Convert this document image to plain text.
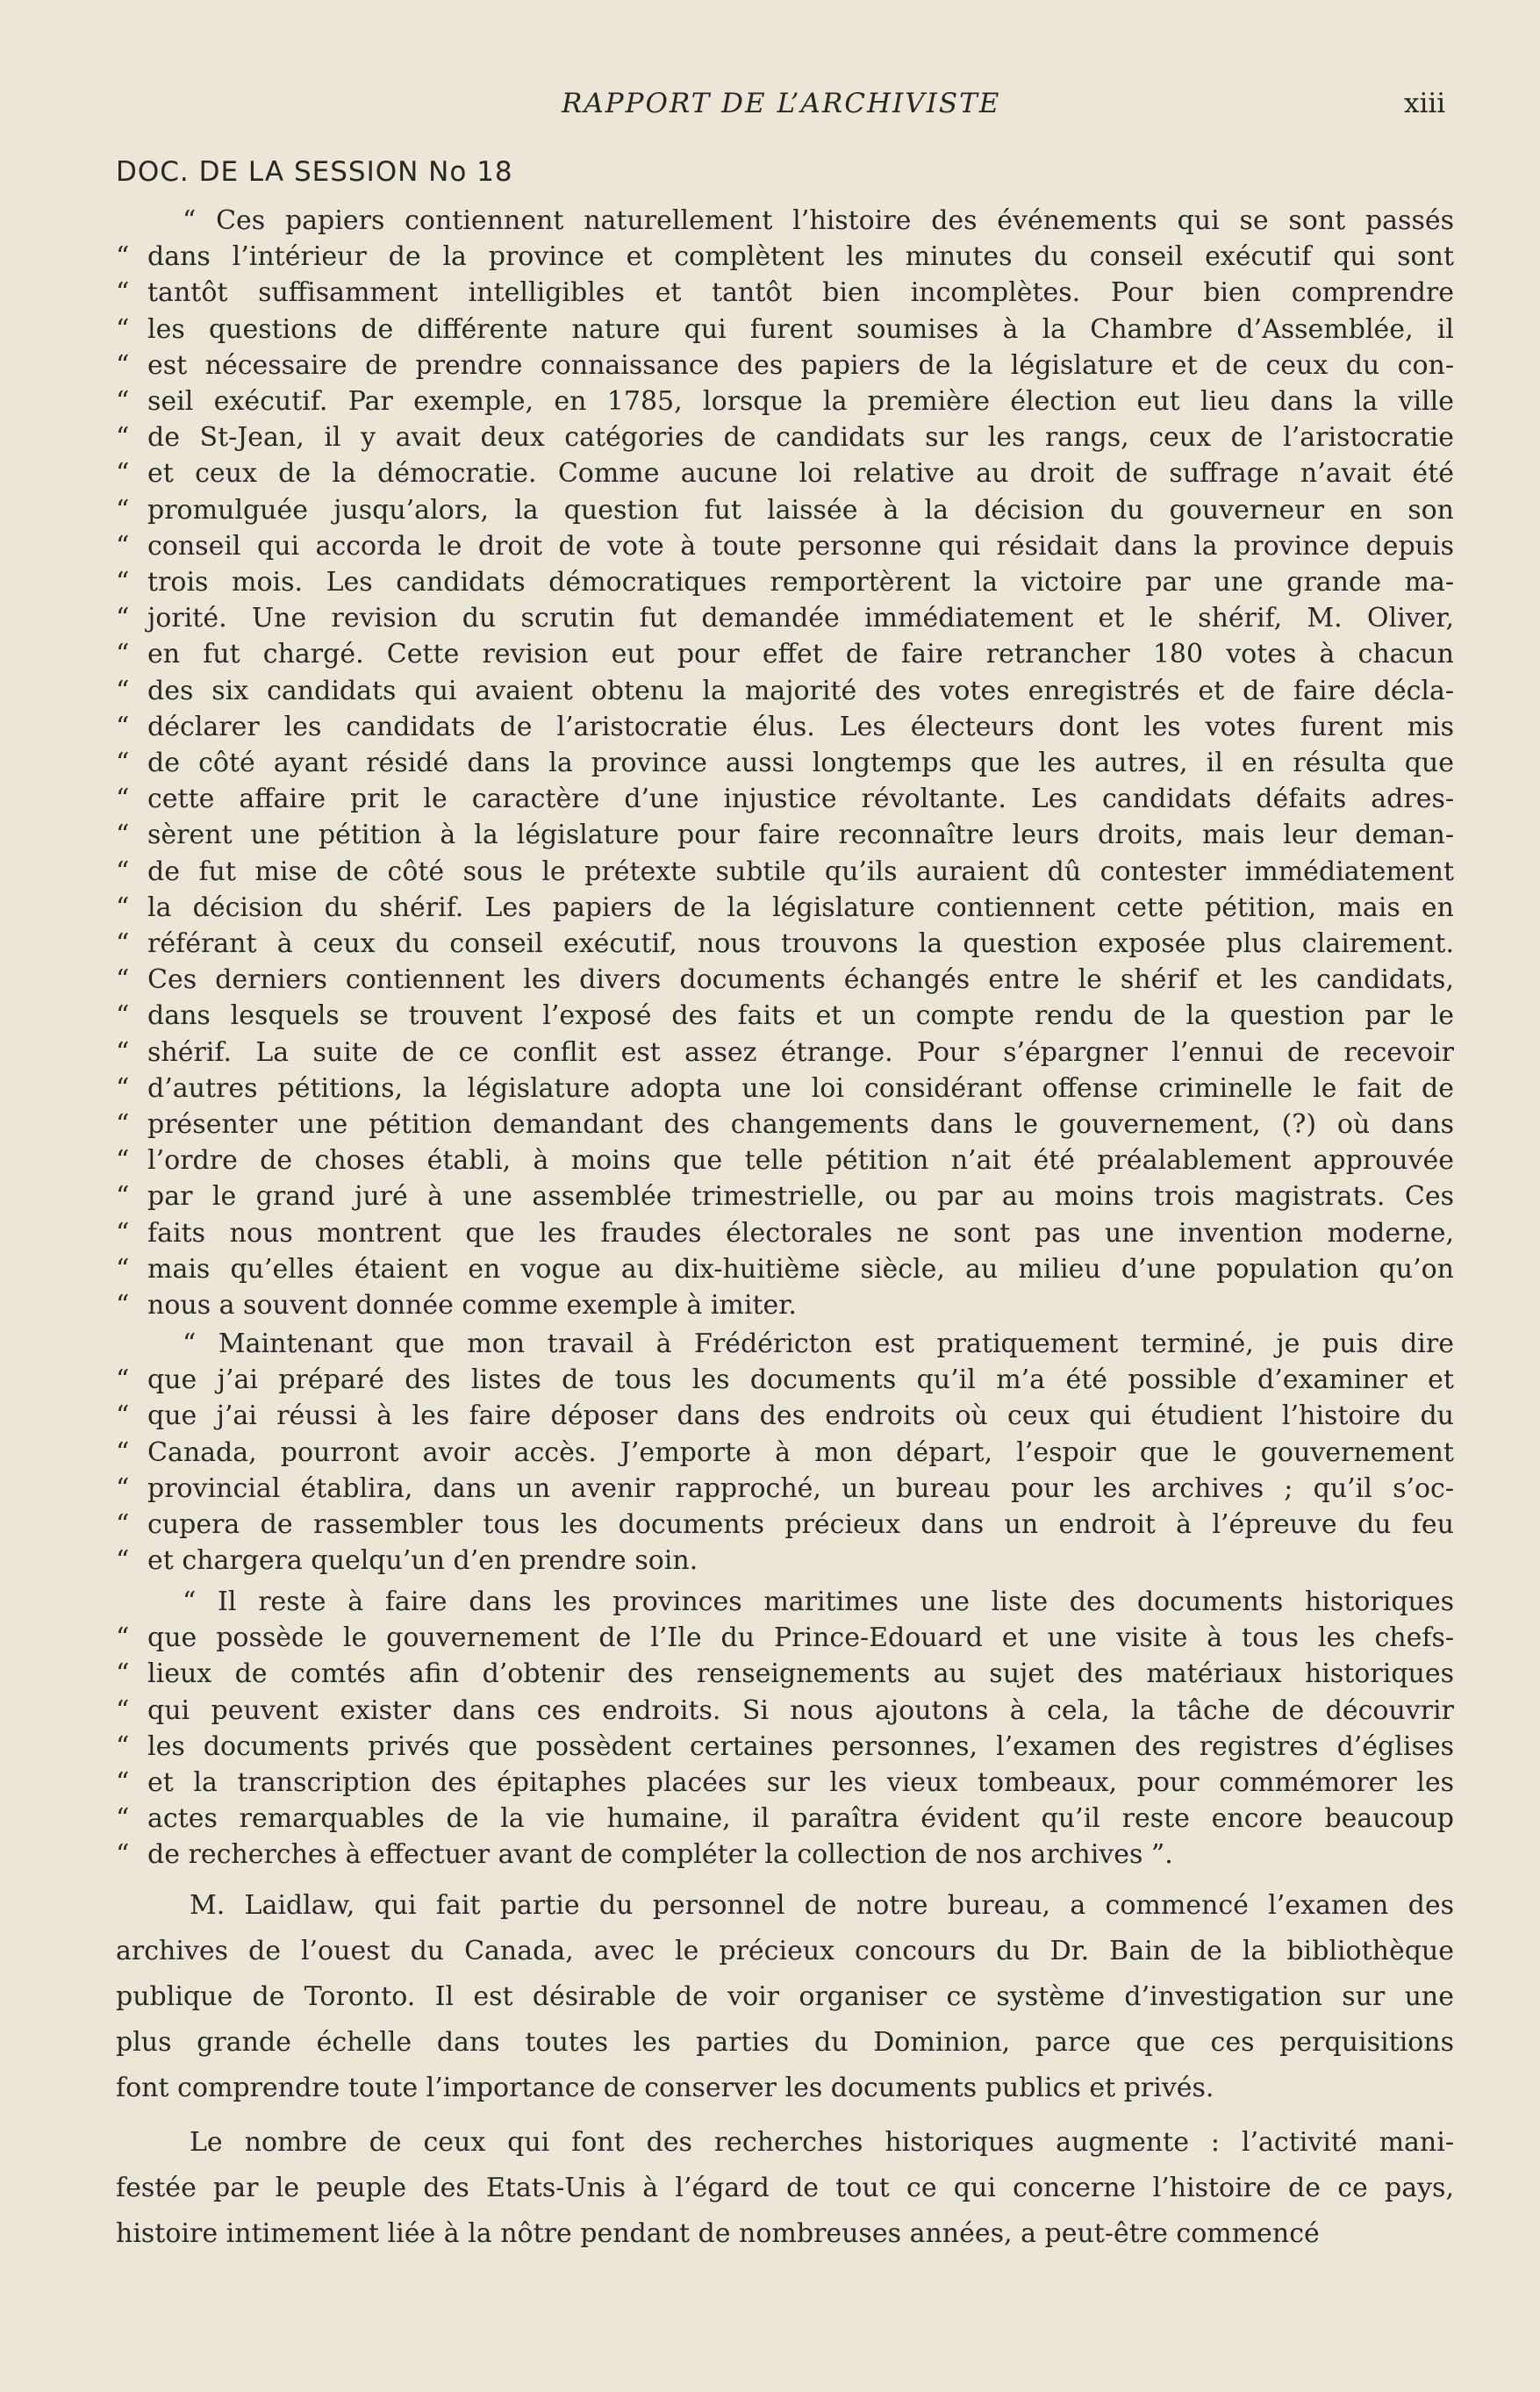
RAPPORT DE L’ARCHIVISTE	xiii
DOC. DE LA SESSION No 18
“ Ces papiers contiennent naturellement l’histoire des événements qui se sont passés
“ dans l’intérieur de la province et complètent les minutes du conseil exécutif qui sont
“ tantôt suffisamment intelligibles et tantôt bien incomplètes. Pour bien comprendre
“ les questions de différente nature qui furent soumises à la Chambre d’Assemblée, il
“ est nécessaire de prendre connaissance des papiers de la législature et de ceux du con-
“ seil exécutif. Par exemple, en 1785, lorsque la première élection eut lieu dans la ville
“ de St-Jean, il y avait deux catégories de candidats sur les rangs, ceux de l’aristocratie
“ et ceux de la démocratie. Comme aucune loi relative au droit de suffrage n’avait été
“ promulguée jusqu’alors, la question fut laissée à la décision du gouverneur en son
“ conseil qui accorda le droit de vote à toute personne qui résidait dans la province depuis
“ trois mois. Les candidats démocratiques remportèrent la victoire par une grande ma-
“ jorité. Une revision du scrutin fut demandée immédiatement et le shérif, M. Oliver,
“ en fut chargé. Cette revision eut pour effet de faire retrancher 180 votes à chacun
“ des six candidats qui avaient obtenu la majorité des votes enregistrés et de faire décla-
“ déclarer les candidats de l’aristocratie élus. Les électeurs dont les votes furent mis
“ de côté ayant résidé dans la province aussi longtemps que les autres, il en résulta que
“ cette affaire prit le caractère d’une injustice révoltante. Les candidats défaits adres-
“ sèrent une pétition à la législature pour faire reconnaître leurs droits, mais leur deman-
“ de fut mise de côté sous le prétexte subtile qu’ils auraient dû contester immédiatement
“ la décision du shérif. Les papiers de la législature contiennent cette pétition, mais en
“ référant à ceux du conseil exécutif, nous trouvons la question exposée plus clairement.
“ Ces derniers contiennent les divers documents échangés entre le shérif et les candidats,
“ dans lesquels se trouvent l’exposé des faits et un compte rendu de la question par le
“ shérif. La suite de ce conflit est assez étrange. Pour s’épargner l’ennui de recevoir
“ d’autres pétitions, la législature adopta une loi considérant offense criminelle le fait de
“ présenter une pétition demandant des changements dans le gouvernement, (?) où dans
“ l’ordre de choses établi, à moins que telle pétition n’ait été préalablement approuvée
“ par le grand juré à une assemblée trimestrielle, ou par au moins trois magistrats. Ces
“ faits nous montrent que les fraudes électorales ne sont pas une invention moderne,
“ mais qu’elles étaient en vogue au dix-huitième siècle, au milieu d’une population qu’on
“ nous a souvent donnée comme exemple à imiter.
“ Maintenant que mon travail à Frédéricton est pratiquement terminé, je puis dire
“ que j’ai préparé des listes de tous les documents qu’il m’a été possible d’examiner et
“ que j’ai réussi à les faire déposer dans des endroits où ceux qui étudient l’histoire du
“ Canada, pourront avoir accès. J’emporte à mon départ, l’espoir que le gouvernement
“ provincial établira, dans un avenir rapproché, un bureau pour les archives ; qu’il s’oc-
“ cupera de rassembler tous les documents précieux dans un endroit à l’épreuve du feu
“ et chargera quelqu’un d’en prendre soin.
“ Il reste à faire dans les provinces maritimes une liste des documents historiques
“ que possède le gouvernement de l’Ile du Prince-Edouard et une visite à tous les chefs-
“ lieux de comtés afin d’obtenir des renseignements au sujet des matériaux historiques
“ qui peuvent exister dans ces endroits. Si nous ajoutons à cela, la tâche de découvrir
“ les documents privés que possèdent certaines personnes, l’examen des registres d’églises
“ et la transcription des épitaphes placées sur les vieux tombeaux, pour commémorer les
“ actes remarquables de la vie humaine, il paraîtra évident qu’il reste encore beaucoup
“ de recherches à effectuer avant de compléter la collection de nos archives ”.
M. Laidlaw, qui fait partie du personnel de notre bureau, a commencé l’examen des
archives de l’ouest du Canada, avec le précieux concours du Dr. Bain de la bibliothèque
publique de Toronto. Il est désirable de voir organiser ce système d’investigation sur une
plus grande échelle dans toutes les parties du Dominion, parce que ces perquisitions
font comprendre toute l’importance de conserver les documents publics et privés.
Le nombre de ceux qui font des recherches historiques augmente : l’activité mani-
festée par le peuple des Etats-Unis à l’égard de tout ce qui concerne l’histoire de ce pays,
histoire intimement liée à la nôtre pendant de nombreuses années, a peut-être commencé
